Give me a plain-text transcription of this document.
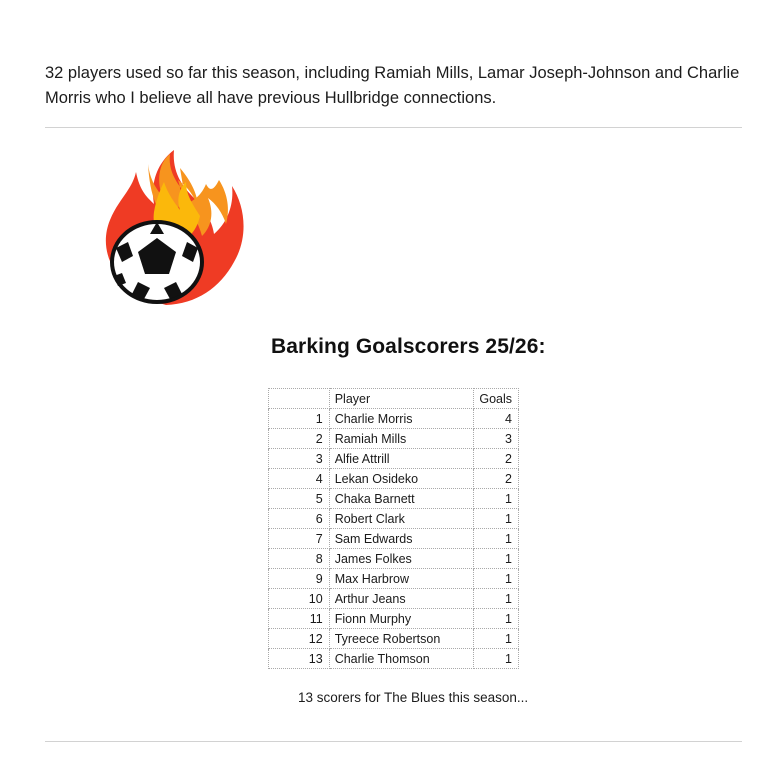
32 players used so far this season, including Ramiah Mills, Lamar Joseph-Johnson and Charlie Morris who I believe all have previous Hullbridge connections.

Barking Goalscorers 25/26:
	Player	Goals
1	Charlie Morris	4
2	Ramiah Mills	3
3	Alfie Attrill	2
4	Lekan Osideko	2
5	Chaka Barnett	1
6	Robert Clark	1
7	Sam Edwards	1
8	James Folkes	1
9	Max Harbrow	1
10	Arthur Jeans	1
11	Fionn Murphy	1
12	Tyreece Robertson	1
13	Charlie Thomson	1
13 scorers for The Blues this season...
